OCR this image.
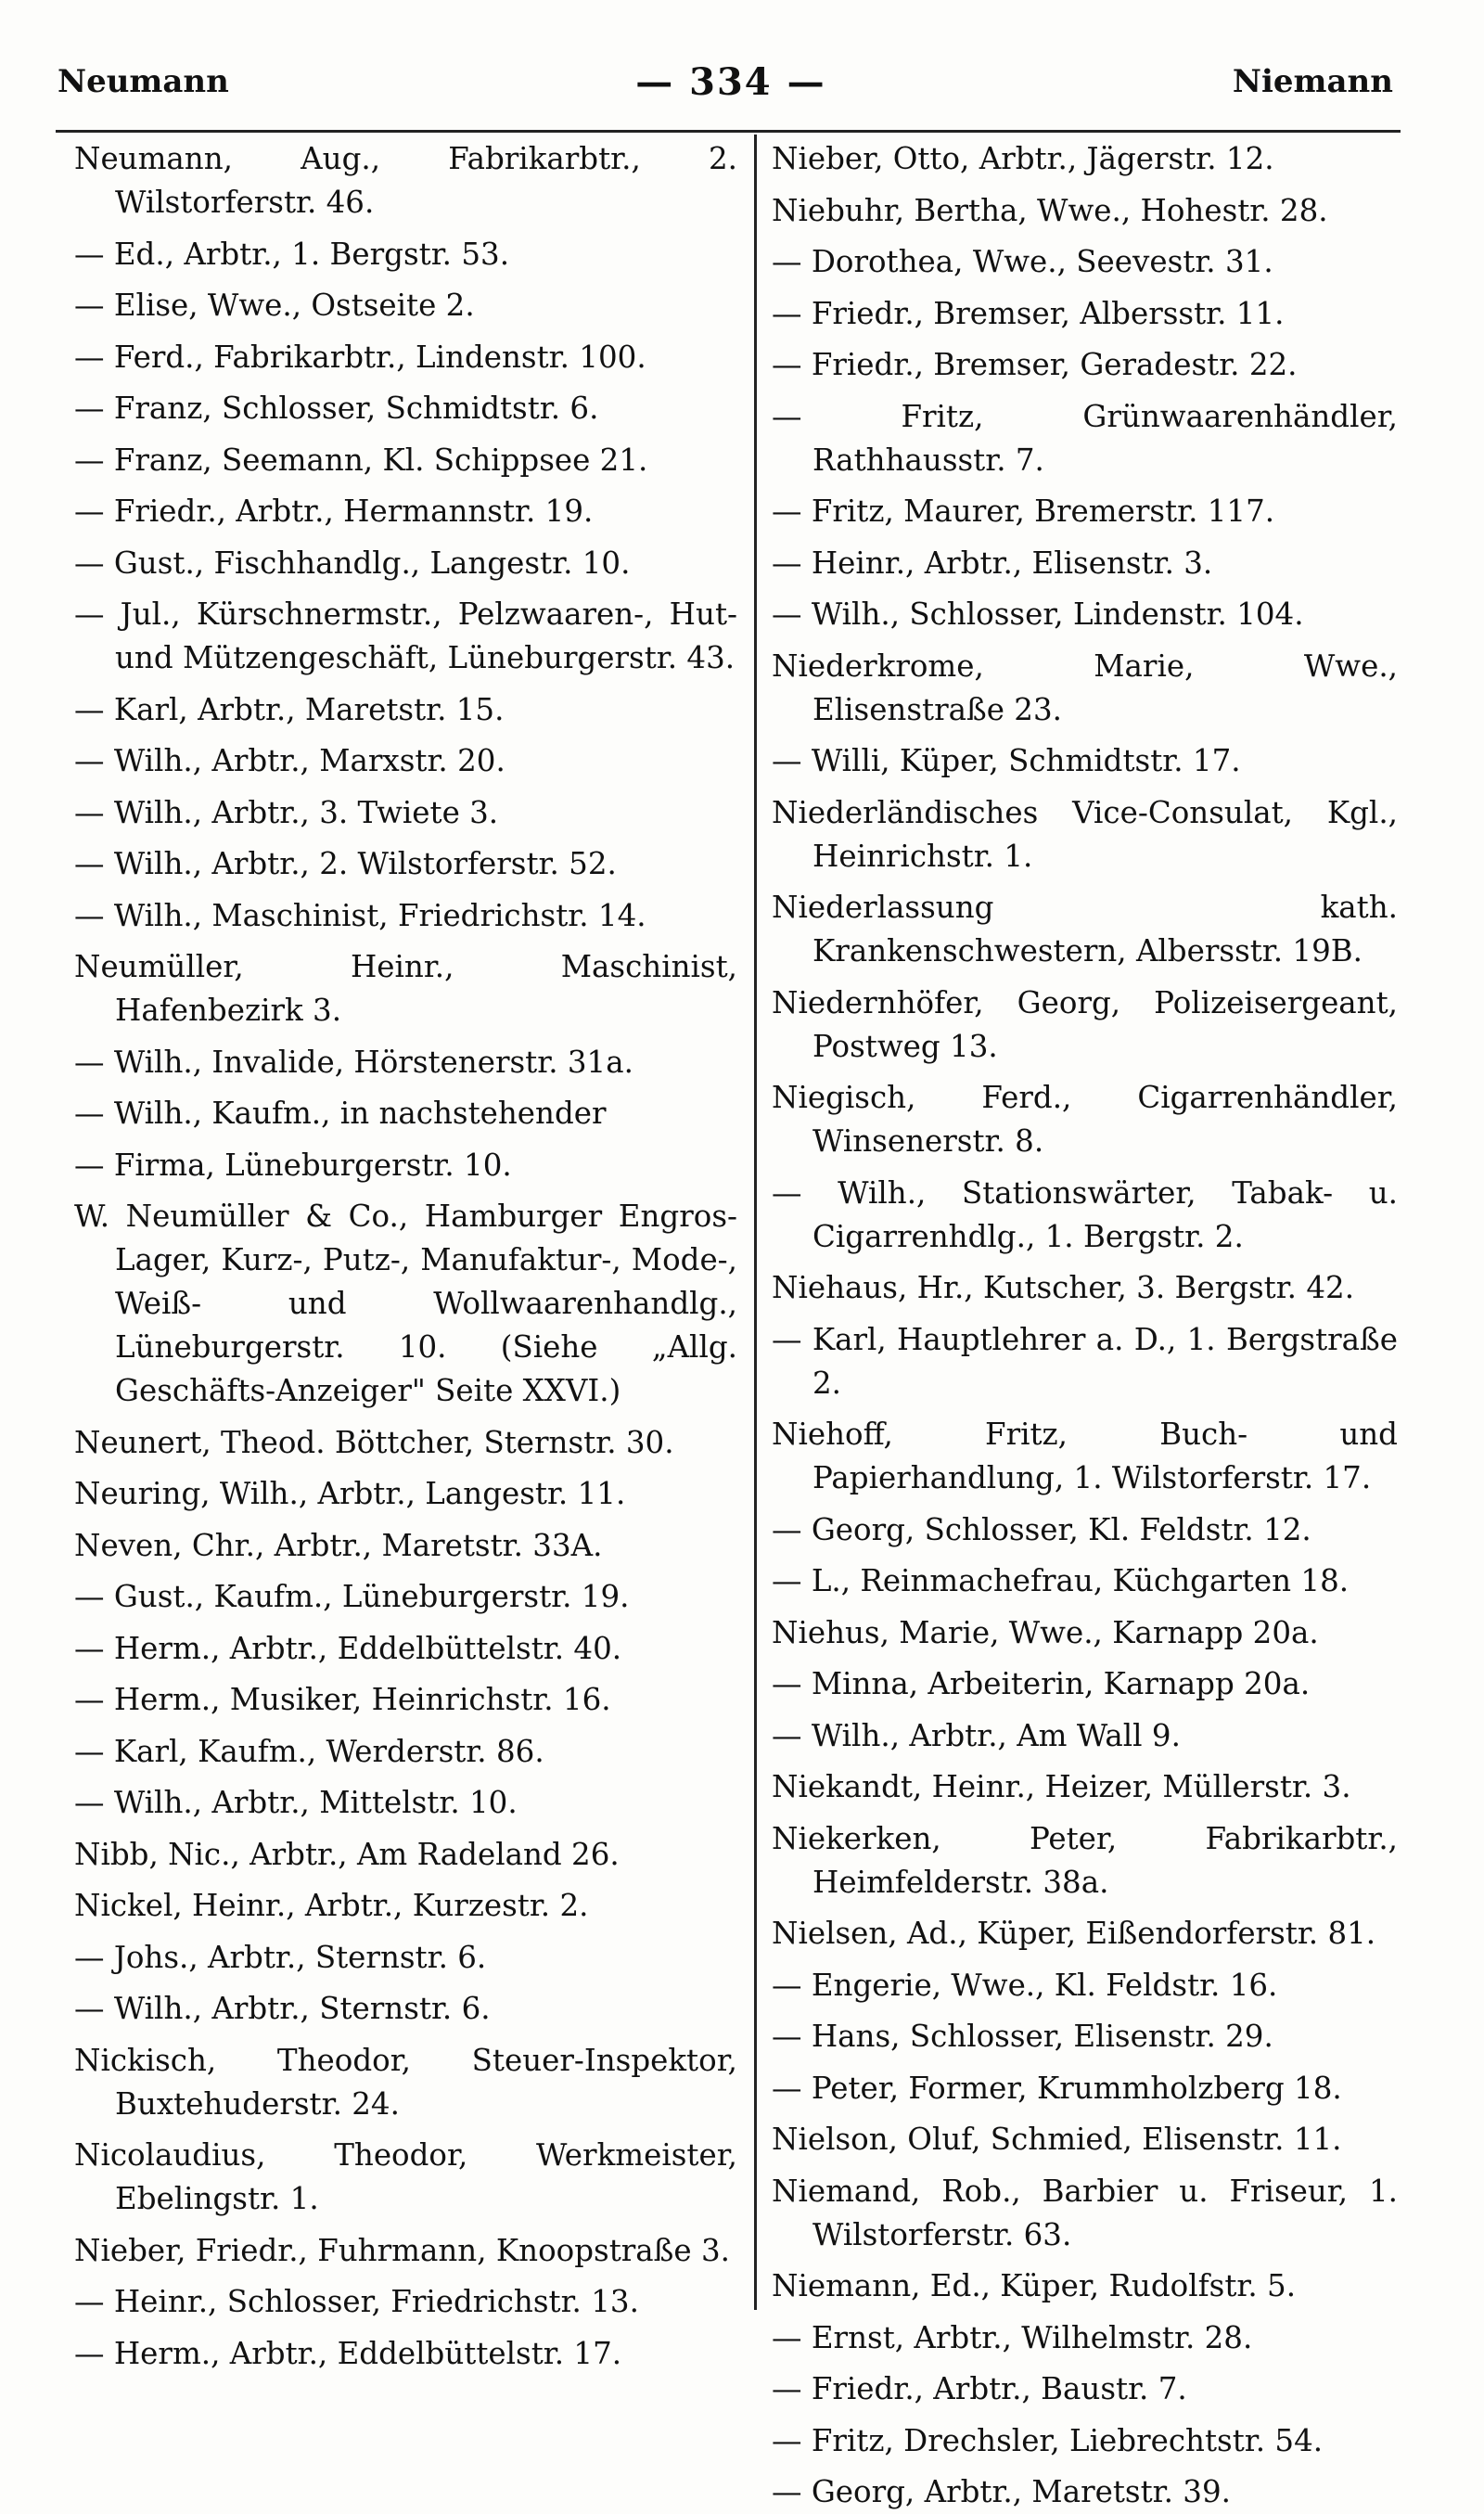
Neumann	— 334 —	Niemann
Neumann, Aug., Fabrikarbtr., 2. Wilstorferstr. 46.
— Ed., Arbtr., 1. Bergstr. 53.
— Elise, Wwe., Ostseite 2.
— Ferd., Fabrikarbtr., Lindenstr. 100.
— Franz, Schlosser, Schmidtstr. 6.
— Franz, Seemann, Kl. Schippsee 21.
— Friedr., Arbtr., Hermannstr. 19.
— Gust., Fischhandlg., Langestr. 10.
— Jul., Kürschnermstr., Pelzwaaren-, Hut- und Mützengeschäft, Lüneburgerstr. 43.
— Karl, Arbtr., Maretstr. 15.
— Wilh., Arbtr., Marxstr. 20.
— Wilh., Arbtr., 3. Twiete 3.
— Wilh., Arbtr., 2. Wilstorferstr. 52.
— Wilh., Maschinist, Friedrichstr. 14.
Neumüller, Heinr., Maschinist, Hafenbezirk 3.
— Wilh., Invalide, Hörstenerstr. 31a.
— Wilh., Kaufm., in nachstehender
— Firma, Lüneburgerstr. 10.
W. Neumüller & Co., Hamburger Engros-Lager, Kurz-, Putz-, Manufaktur-, Mode-, Weiß- und Wollwaarenhandlg., Lüneburgerstr. 10. (Siehe „Allg. Geschäfts-Anzeiger" Seite XXVI.)
Neunert, Theod. Böttcher, Sternstr. 30.
Neuring, Wilh., Arbtr., Langestr. 11.
Neven, Chr., Arbtr., Maretstr. 33A.
— Gust., Kaufm., Lüneburgerstr. 19.
— Herm., Arbtr., Eddelbüttelstr. 40.
— Herm., Musiker, Heinrichstr. 16.
— Karl, Kaufm., Werderstr. 86.
— Wilh., Arbtr., Mittelstr. 10.
Nibb, Nic., Arbtr., Am Radeland 26.
Nickel, Heinr., Arbtr., Kurzestr. 2.
— Johs., Arbtr., Sternstr. 6.
— Wilh., Arbtr., Sternstr. 6.
Nickisch, Theodor, Steuer-Inspektor, Buxtehuderstr. 24.
Nicolaudius, Theodor, Werkmeister, Ebelingstr. 1.
Nieber, Friedr., Fuhrmann, Knoopstraße 3.
— Heinr., Schlosser, Friedrichstr. 13.
— Herm., Arbtr., Eddelbüttelstr. 17.
Nieber, Otto, Arbtr., Jägerstr. 12.
Niebuhr, Bertha, Wwe., Hohestr. 28.
— Dorothea, Wwe., Seevestr. 31.
— Friedr., Bremser, Albersstr. 11.
— Friedr., Bremser, Geradestr. 22.
— Fritz, Grünwaarenhändler, Rathhausstr. 7.
— Fritz, Maurer, Bremerstr. 117.
— Heinr., Arbtr., Elisenstr. 3.
— Wilh., Schlosser, Lindenstr. 104.
Niederkrome, Marie, Wwe., Elisenstraße 23.
— Willi, Küper, Schmidtstr. 17.
Niederländisches Vice-Consulat, Kgl., Heinrichstr. 1.
Niederlassung kath. Krankenschwestern, Albersstr. 19B.
Niedernhöfer, Georg, Polizeisergeant, Postweg 13.
Niegisch, Ferd., Cigarrenhändler, Winsenerstr. 8.
— Wilh., Stationswärter, Tabak- u. Cigarrenhdlg., 1. Bergstr. 2.
Niehaus, Hr., Kutscher, 3. Bergstr. 42.
— Karl, Hauptlehrer a. D., 1. Bergstraße 2.
Niehoff, Fritz, Buch- und Papierhandlung, 1. Wilstorferstr. 17.
— Georg, Schlosser, Kl. Feldstr. 12.
— L., Reinmachefrau, Küchgarten 18.
Niehus, Marie, Wwe., Karnapp 20a.
— Minna, Arbeiterin, Karnapp 20a.
— Wilh., Arbtr., Am Wall 9.
Niekandt, Heinr., Heizer, Müllerstr. 3.
Niekerken, Peter, Fabrikarbtr., Heimfelderstr. 38a.
Nielsen, Ad., Küper, Eißendorferstr. 81.
— Engerie, Wwe., Kl. Feldstr. 16.
— Hans, Schlosser, Elisenstr. 29.
— Peter, Former, Krummholzberg 18.
Nielson, Oluf, Schmied, Elisenstr. 11.
Niemand, Rob., Barbier u. Friseur, 1. Wilstorferstr. 63.
Niemann, Ed., Küper, Rudolfstr. 5.
— Ernst, Arbtr., Wilhelmstr. 28.
— Friedr., Arbtr., Baustr. 7.
— Fritz, Drechsler, Liebrechtstr. 54.
— Georg, Arbtr., Maretstr. 39.
